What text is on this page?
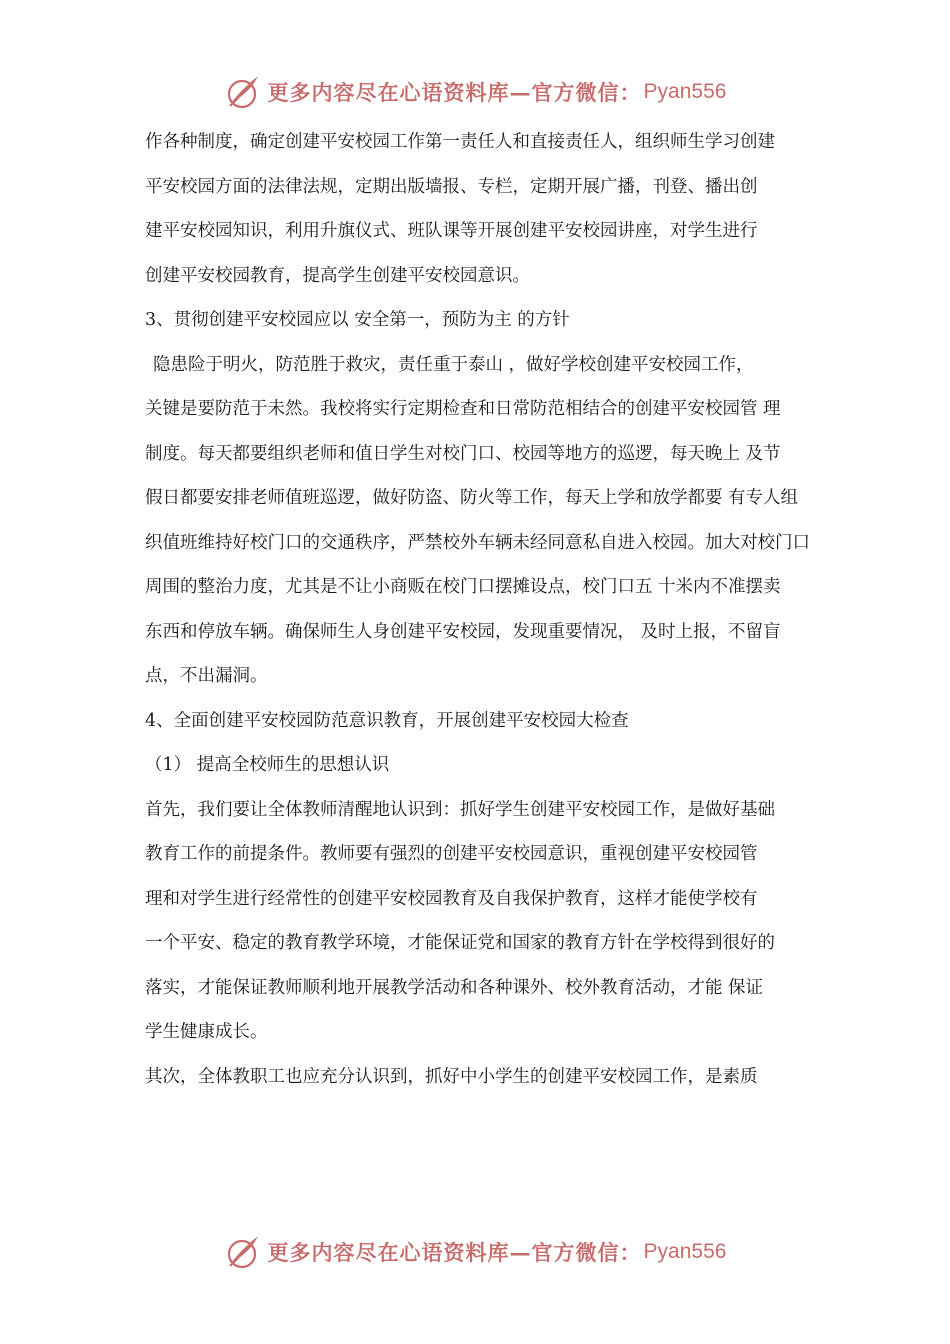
更多内容尽在心语资料库—官方微信： Pyan556
作各种制度，确定创建平安校园工作第一责任人和直接责任人，组织师生学习创建
平安校园方面的法律法规，定期出版墙报、专栏，定期开展广播，刊登、播出创
建平安校园知识，利用升旗仪式、班队课等开展创建平安校园讲座，对学生进行
创建平安校园教育，提高学生创建平安校园意识。
3、贯彻创建平安校园应以 安全第一，预防为主 的方针
隐患险于明火，防范胜于救灾，责任重于泰山 ，做好学校创建平安校园工作，
关键是要防范于未然。我校将实行定期检查和日常防范相结合的创建平安校园管 理
制度。每天都要组织老师和值日学生对校门口、校园等地方的巡逻，每天晚上 及节
假日都要安排老师值班巡逻，做好防盗、防火等工作，每天上学和放学都要 有专人组
织值班维持好校门口的交通秩序，严禁校外车辆未经同意私自进入校园。加大对校门口
周围的整治力度，尤其是不让小商贩在校门口摆摊设点，校门口五 十米内不准摆卖
东西和停放车辆。确保师生人身创建平安校园，发现重要情况， 及时上报，不留盲
点，不出漏洞。
4、全面创建平安校园防范意识教育，开展创建平安校园大检查
（1） 提高全校师生的思想认识
首先，我们要让全体教师清醒地认识到：抓好学生创建平安校园工作，是做好基础
教育工作的前提条件。教师要有强烈的创建平安校园意识，重视创建平安校园管
理和对学生进行经常性的创建平安校园教育及自我保护教育，这样才能使学校有
一个平安、稳定的教育教学环境，才能保证党和国家的教育方针在学校得到很好的
落实，才能保证教师顺利地开展教学活动和各种课外、校外教育活动，才能 保证
学生健康成长。
其次，全体教职工也应充分认识到，抓好中小学生的创建平安校园工作，是素质
更多内容尽在心语资料库—官方微信： Pyan556
